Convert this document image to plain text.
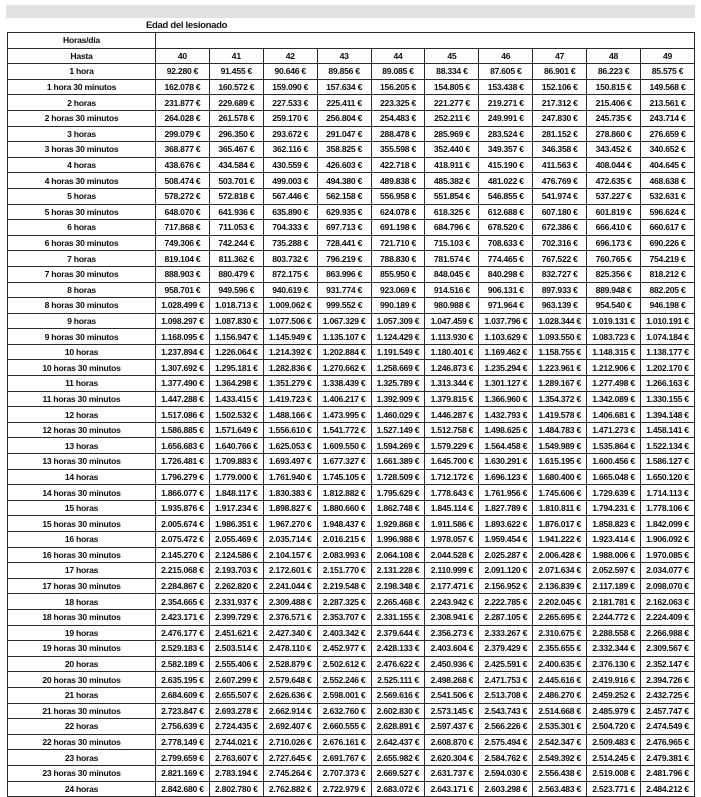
Edad del lesionado
Horas/día										
Hasta	40	41	42	43	44	45	46	47	48	49
1 hora	92.280 €	91.455 €	90.646 €	89.856 €	89.085 €	88.334 €	87.605 €	86.901 €	86.223 €	85.575 €
1 hora 30 minutos	162.078 €	160.572 €	159.090 €	157.634 €	156.205 €	154.805 €	153.438 €	152.106 €	150.815 €	149.568 €
2 horas	231.877 €	229.689 €	227.533 €	225.411 €	223.325 €	221.277 €	219.271 €	217.312 €	215.406 €	213.561 €
2 horas 30 minutos	264.028 €	261.578 €	259.170 €	256.804 €	254.483 €	252.211 €	249.991 €	247.830 €	245.735 €	243.714 €
3 horas	299.079 €	296.350 €	293.672 €	291.047 €	288.478 €	285.969 €	283.524 €	281.152 €	278.860 €	276.659 €
3 horas 30 minutos	368.877 €	365.467 €	362.116 €	358.825 €	355.598 €	352.440 €	349.357 €	346.358 €	343.452 €	340.652 €
4 horas	438.676 €	434.584 €	430.559 €	426.603 €	422.718 €	418.911 €	415.190 €	411.563 €	408.044 €	404.645 €
4 horas 30 minutos	508.474 €	503.701 €	499.003 €	494.380 €	489.838 €	485.382 €	481.022 €	476.769 €	472.635 €	468.638 €
5 horas	578.272 €	572.818 €	567.446 €	562.158 €	556.958 €	551.854 €	546.855 €	541.974 €	537.227 €	532.631 €
5 horas 30 minutos	648.070 €	641.936 €	635.890 €	629.935 €	624.078 €	618.325 €	612.688 €	607.180 €	601.819 €	596.624 €
6 horas	717.868 €	711.053 €	704.333 €	697.713 €	691.198 €	684.796 €	678.520 €	672.386 €	666.410 €	660.617 €
6 horas 30 minutos	749.306 €	742.244 €	735.288 €	728.441 €	721.710 €	715.103 €	708.633 €	702.316 €	696.173 €	690.226 €
7 horas	819.104 €	811.362 €	803.732 €	796.219 €	788.830 €	781.574 €	774.465 €	767.522 €	760.765 €	754.219 €
7 horas 30 minutos	888.903 €	880.479 €	872.175 €	863.996 €	855.950 €	848.045 €	840.298 €	832.727 €	825.356 €	818.212 €
8 horas	958.701 €	949.596 €	940.619 €	931.774 €	923.069 €	914.516 €	906.131 €	897.933 €	889.948 €	882.205 €
8 horas 30 minutos	1.028.499 €	1.018.713 €	1.009.062 €	999.552 €	990.189 €	980.988 €	971.964 €	963.139 €	954.540 €	946.198 €
9 horas	1.098.297 €	1.087.830 €	1.077.506 €	1.067.329 €	1.057.309 €	1.047.459 €	1.037.796 €	1.028.344 €	1.019.131 €	1.010.191 €
9 horas 30 minutos	1.168.095 €	1.156.947 €	1.145.949 €	1.135.107 €	1.124.429 €	1.113.930 €	1.103.629 €	1.093.550 €	1.083.723 €	1.074.184 €
10 horas	1.237.894 €	1.226.064 €	1.214.392 €	1.202.884 €	1.191.549 €	1.180.401 €	1.169.462 €	1.158.755 €	1.148.315 €	1.138.177 €
10 horas 30 minutos	1.307.692 €	1.295.181 €	1.282.836 €	1.270.662 €	1.258.669 €	1.246.873 €	1.235.294 €	1.223.961 €	1.212.906 €	1.202.170 €
11 horas	1.377.490 €	1.364.298 €	1.351.279 €	1.338.439 €	1.325.789 €	1.313.344 €	1.301.127 €	1.289.167 €	1.277.498 €	1.266.163 €
11 horas 30 minutos	1.447.288 €	1.433.415 €	1.419.723 €	1.406.217 €	1.392.909 €	1.379.815 €	1.366.960 €	1.354.372 €	1.342.089 €	1.330.155 €
12 horas	1.517.086 €	1.502.532 €	1.488.166 €	1.473.995 €	1.460.029 €	1.446.287 €	1.432.793 €	1.419.578 €	1.406.681 €	1.394.148 €
12 horas 30 minutos	1.586.885 €	1.571.649 €	1.556.610 €	1.541.772 €	1.527.149 €	1.512.758 €	1.498.625 €	1.484.783 €	1.471.273 €	1.458.141 €
13 horas	1.656.683 €	1.640.766 €	1.625.053 €	1.609.550 €	1.594.269 €	1.579.229 €	1.564.458 €	1.549.989 €	1.535.864 €	1.522.134 €
13 horas 30 minutos	1.726.481 €	1.709.883 €	1.693.497 €	1.677.327 €	1.661.389 €	1.645.700 €	1.630.291 €	1.615.195 €	1.600.456 €	1.586.127 €
14 horas	1.796.279 €	1.779.000 €	1.761.940 €	1.745.105 €	1.728.509 €	1.712.172 €	1.696.123 €	1.680.400 €	1.665.048 €	1.650.120 €
14 horas 30 minutos	1.866.077 €	1.848.117 €	1.830.383 €	1.812.882 €	1.795.629 €	1.778.643 €	1.761.956 €	1.745.606 €	1.729.639 €	1.714.113 €
15 horas	1.935.876 €	1.917.234 €	1.898.827 €	1.880.660 €	1.862.748 €	1.845.114 €	1.827.789 €	1.810.811 €	1.794.231 €	1.778.106 €
15 horas 30 minutos	2.005.674 €	1.986.351 €	1.967.270 €	1.948.437 €	1.929.868 €	1.911.586 €	1.893.622 €	1.876.017 €	1.858.823 €	1.842.099 €
16 horas	2.075.472 €	2.055.469 €	2.035.714 €	2.016.215 €	1.996.988 €	1.978.057 €	1.959.454 €	1.941.222 €	1.923.414 €	1.906.092 €
16 horas 30 minutos	2.145.270 €	2.124.586 €	2.104.157 €	2.083.993 €	2.064.108 €	2.044.528 €	2.025.287 €	2.006.428 €	1.988.006 €	1.970.085 €
17 horas	2.215.068 €	2.193.703 €	2.172.601 €	2.151.770 €	2.131.228 €	2.110.999 €	2.091.120 €	2.071.634 €	2.052.597 €	2.034.077 €
17 horas 30 minutos	2.284.867 €	2.262.820 €	2.241.044 €	2.219.548 €	2.198.348 €	2.177.471 €	2.156.952 €	2.136.839 €	2.117.189 €	2.098.070 €
18 horas	2.354.665 €	2.331.937 €	2.309.488 €	2.287.325 €	2.265.468 €	2.243.942 €	2.222.785 €	2.202.045 €	2.181.781 €	2.162.063 €
18 horas 30 minutos	2.423.171 €	2.399.729 €	2.376.571 €	2.353.707 €	2.331.155 €	2.308.941 €	2.287.105 €	2.265.695 €	2.244.772 €	2.224.409 €
19 horas	2.476.177 €	2.451.621 €	2.427.340 €	2.403.342 €	2.379.644 €	2.356.273 €	2.333.267 €	2.310.675 €	2.288.558 €	2.266.988 €
19 horas 30 minutos	2.529.183 €	2.503.514 €	2.478.110 €	2.452.977 €	2.428.133 €	2.403.604 €	2.379.429 €	2.355.655 €	2.332.344 €	2.309.567 €
20 horas	2.582.189 €	2.555.406 €	2.528.879 €	2.502.612 €	2.476.622 €	2.450.936 €	2.425.591 €	2.400.635 €	2.376.130 €	2.352.147 €
20 horas 30 minutos	2.635.195 €	2.607.299 €	2.579.648 €	2.552.246 €	2.525.111 €	2.498.268 €	2.471.753 €	2.445.616 €	2.419.916 €	2.394.726 €
21 horas	2.684.609 €	2.655.507 €	2.626.636 €	2.598.001 €	2.569.616 €	2.541.506 €	2.513.708 €	2.486.270 €	2.459.252 €	2.432.725 €
21 horas 30 minutos	2.723.847 €	2.693.278 €	2.662.914 €	2.632.760 €	2.602.830 €	2.573.145 €	2.543.743 €	2.514.668 €	2.485.979 €	2.457.747 €
22 horas	2.756.639 €	2.724.435 €	2.692.407 €	2.660.555 €	2.628.891 €	2.597.437 €	2.566.226 €	2.535.301 €	2.504.720 €	2.474.549 €
22 horas 30 minutos	2.778.149 €	2.744.021 €	2.710.026 €	2.676.161 €	2.642.437 €	2.608.870 €	2.575.494 €	2.542.347 €	2.509.483 €	2.476.965 €
23 horas	2.799.659 €	2.763.607 €	2.727.645 €	2.691.767 €	2.655.982 €	2.620.304 €	2.584.762 €	2.549.392 €	2.514.245 €	2.479.381 €
23 horas 30 minutos	2.821.169 €	2.783.194 €	2.745.264 €	2.707.373 €	2.669.527 €	2.631.737 €	2.594.030 €	2.556.438 €	2.519.008 €	2.481.796 €
24 horas	2.842.680 €	2.802.780 €	2.762.882 €	2.722.979 €	2.683.072 €	2.643.171 €	2.603.298 €	2.563.483 €	2.523.771 €	2.484.212 €
